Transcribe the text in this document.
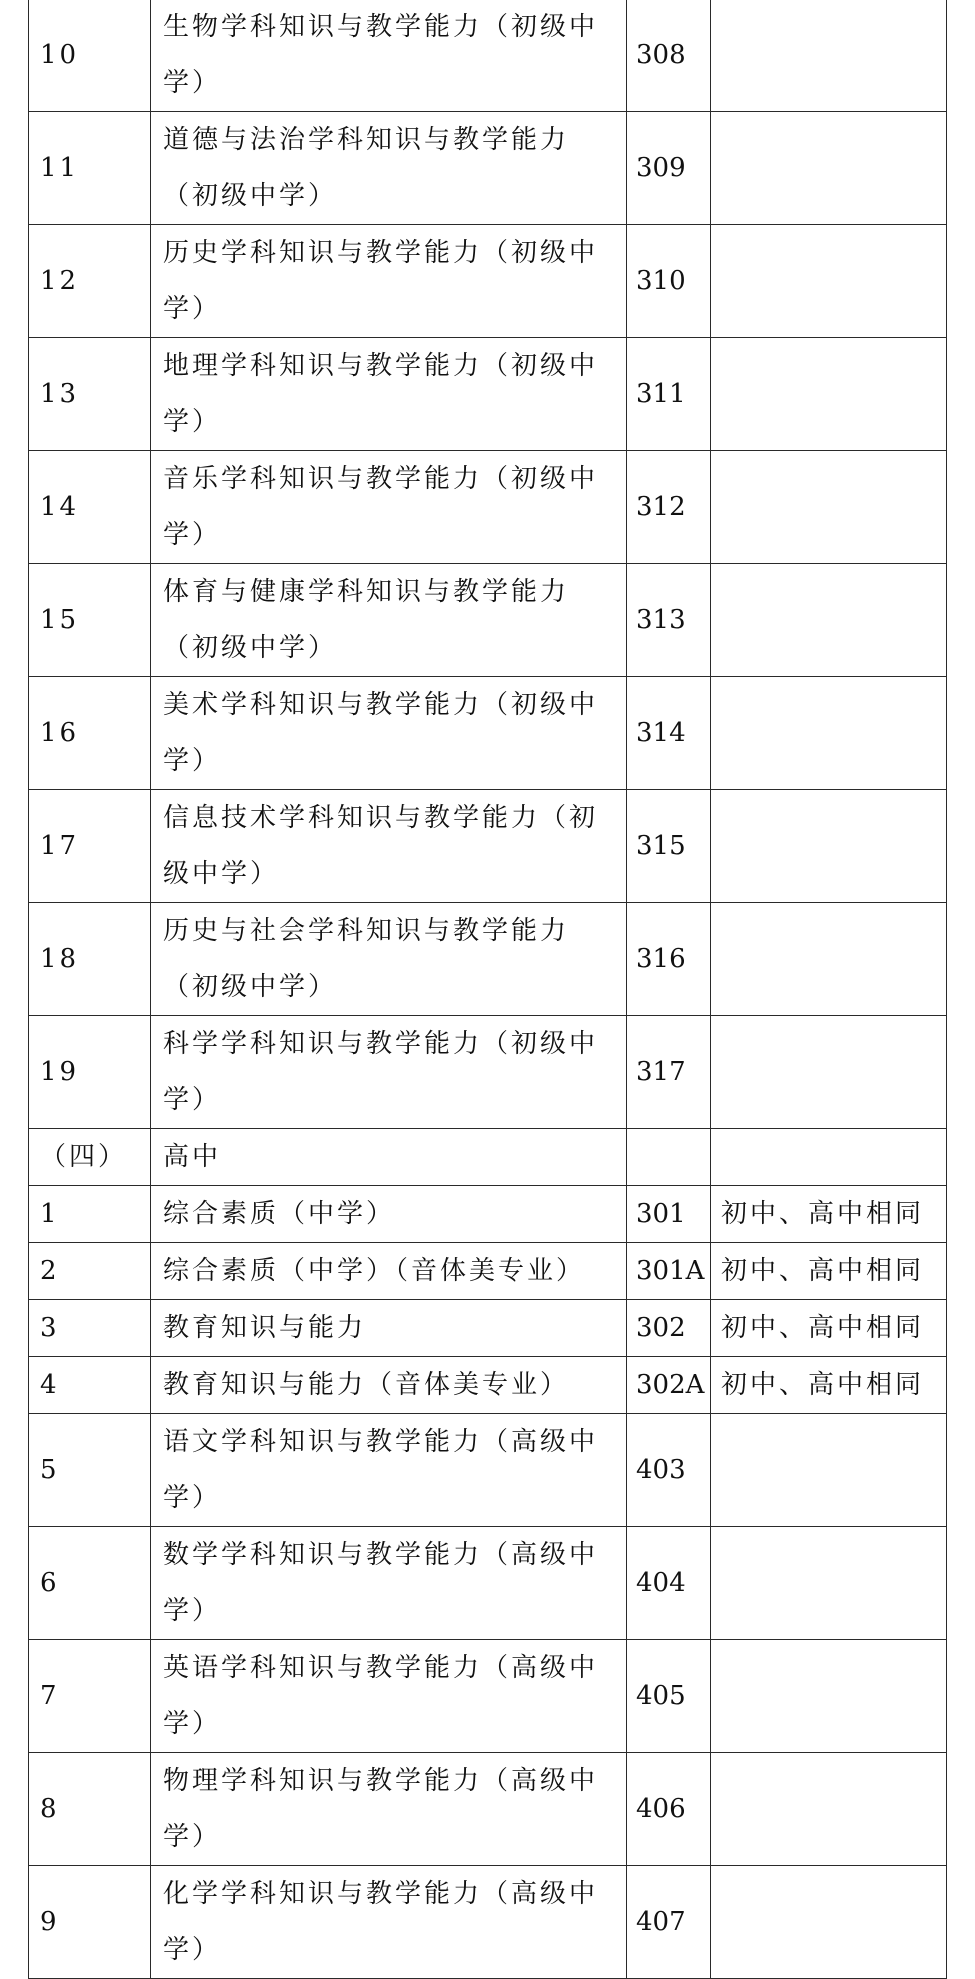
10	生物学科知识与教学能力（初级中学）	308	
11	道德与法治学科知识与教学能力（初级中学）	309	
12	历史学科知识与教学能力（初级中学）	310	
13	地理学科知识与教学能力（初级中学）	311	
14	音乐学科知识与教学能力（初级中学）	312	
15	体育与健康学科知识与教学能力（初级中学）	313	
16	美术学科知识与教学能力（初级中学）	314	
17	信息技术学科知识与教学能力（初级中学）	315	
18	历史与社会学科知识与教学能力（初级中学）	316	
19	科学学科知识与教学能力（初级中学）	317	
（四）	高中		

1	综合素质（中学）	301	初中、高中相同
2	综合素质（中学）（音体美专业）	301A	初中、高中相同
3	教育知识与能力	302	初中、高中相同
4	教育知识与能力（音体美专业）	302A	初中、高中相同
5	语文学科知识与教学能力（高级中学）	403	
6	数学学科知识与教学能力（高级中学）	404	
7	英语学科知识与教学能力（高级中学）	405	
8	物理学科知识与教学能力（高级中学）	406	
9	化学学科知识与教学能力（高级中学）	407	
